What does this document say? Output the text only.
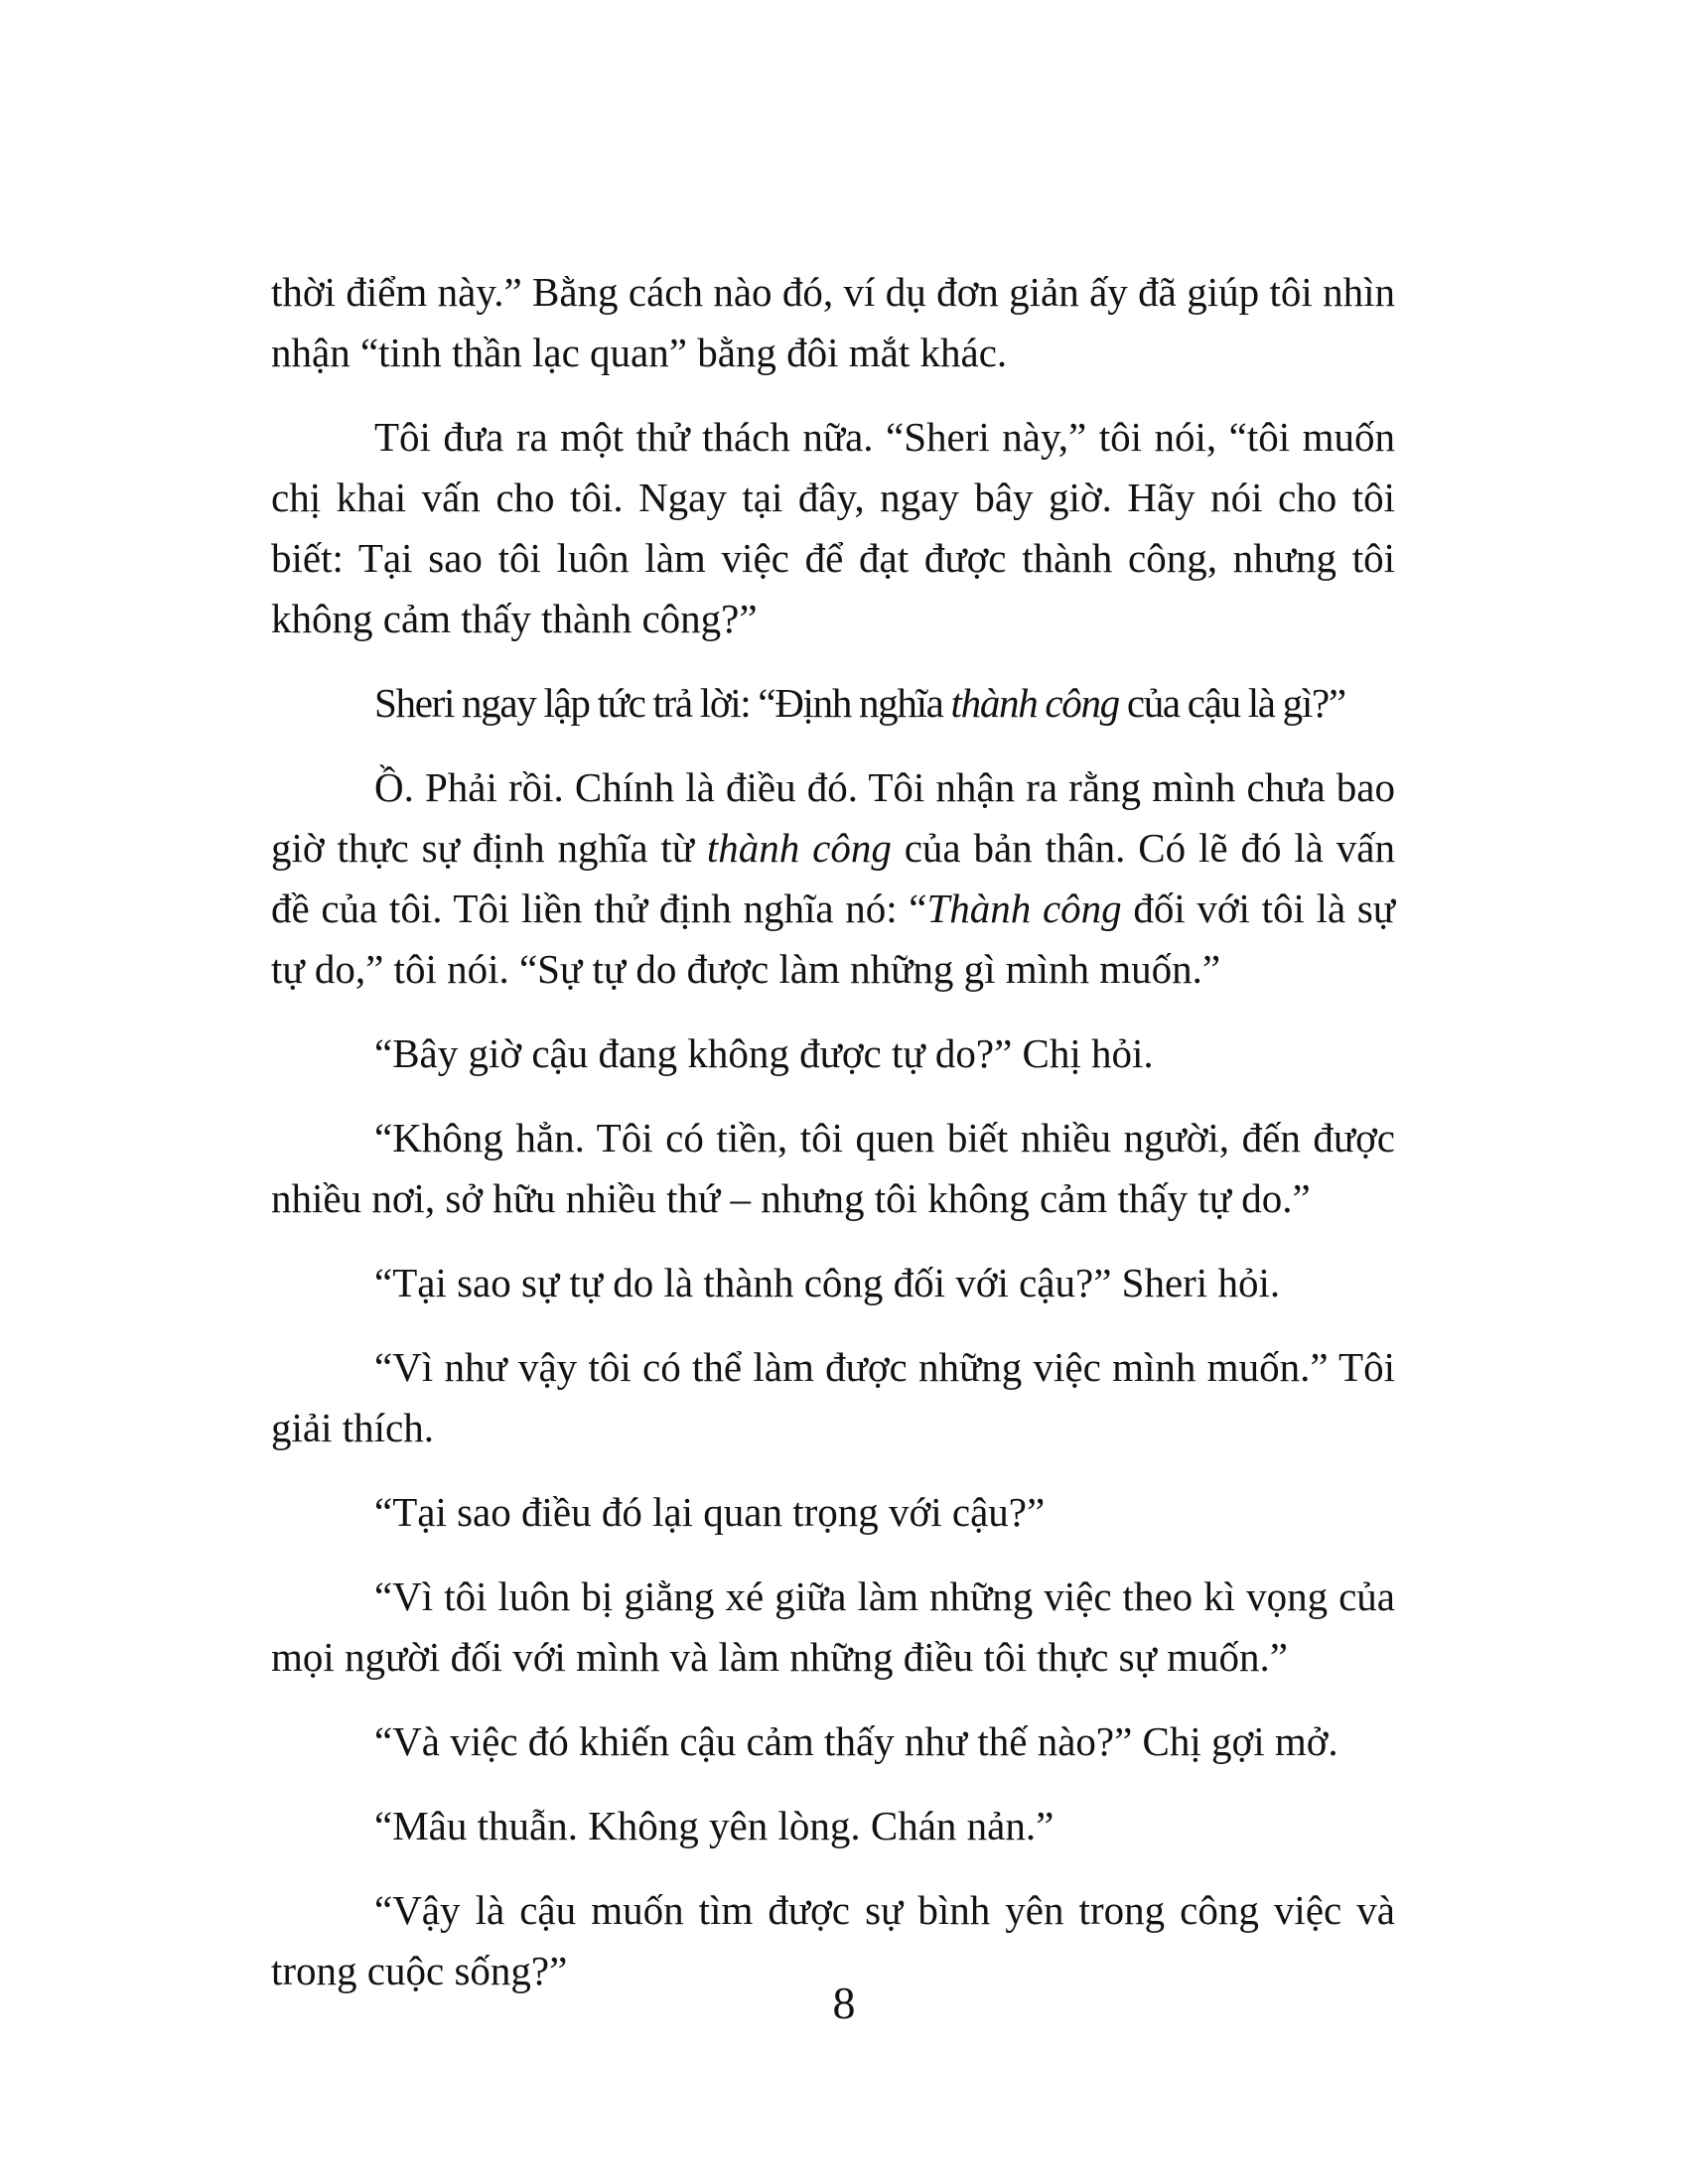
thời điểm này.” Bằng cách nào đó, ví dụ đơn giản ấy đã giúp tôi nhìn nhận “tinh thần lạc quan” bằng đôi mắt khác.

Tôi đưa ra một thử thách nữa. “Sheri này,” tôi nói, “tôi muốn chị khai vấn cho tôi. Ngay tại đây, ngay bây giờ. Hãy nói cho tôi biết: Tại sao tôi luôn làm việc để đạt được thành công, nhưng tôi không cảm thấy thành công?”

Sheri ngay lập tức trả lời: “Định nghĩa thành công của cậu là gì?”

Ồ. Phải rồi. Chính là điều đó. Tôi nhận ra rằng mình chưa bao giờ thực sự định nghĩa từ thành công của bản thân. Có lẽ đó là vấn đề của tôi. Tôi liền thử định nghĩa nó: “Thành công đối với tôi là sự tự do,” tôi nói. “Sự tự do được làm những gì mình muốn.”

“Bây giờ cậu đang không được tự do?” Chị hỏi.

“Không hẳn. Tôi có tiền, tôi quen biết nhiều người, đến được nhiều nơi, sở hữu nhiều thứ – nhưng tôi không cảm thấy tự do.”

“Tại sao sự tự do là thành công đối với cậu?” Sheri hỏi.

“Vì như vậy tôi có thể làm được những việc mình muốn.” Tôi giải thích.

“Tại sao điều đó lại quan trọng với cậu?”

“Vì tôi luôn bị giằng xé giữa làm những việc theo kì vọng của mọi người đối với mình và làm những điều tôi thực sự muốn.”

“Và việc đó khiến cậu cảm thấy như thế nào?” Chị gợi mở.

“Mâu thuẫn. Không yên lòng. Chán nản.”

“Vậy là cậu muốn tìm được sự bình yên trong công việc và trong cuộc sống?”

8
